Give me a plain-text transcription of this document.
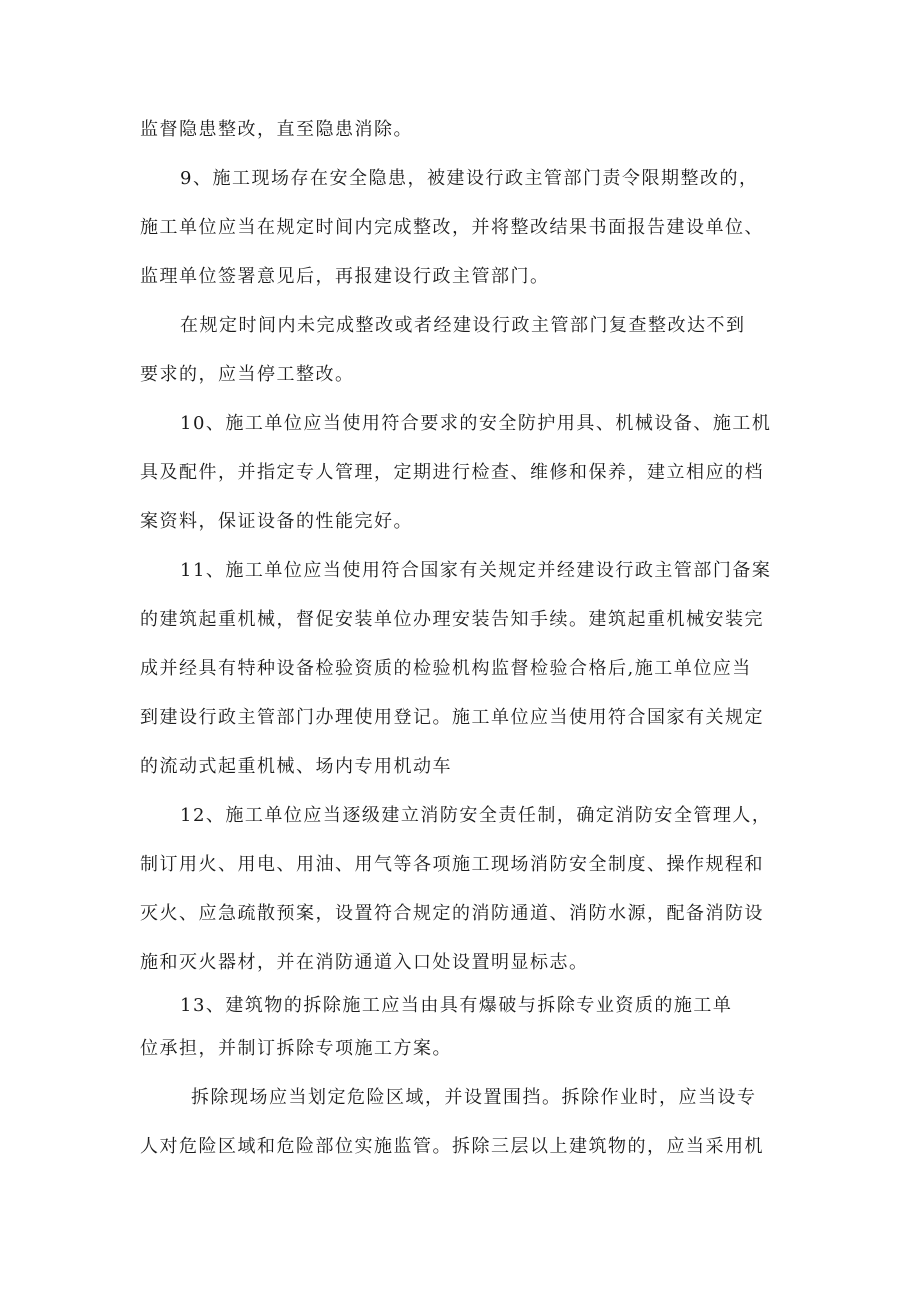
监督隐患整改，直至隐患消除。
9、施工现场存在安全隐患，被建设行政主管部门责令限期整改的，
施工单位应当在规定时间内完成整改，并将整改结果书面报告建设单位、
监理单位签署意见后，再报建设行政主管部门。
在规定时间内未完成整改或者经建设行政主管部门复查整改达不到
要求的，应当停工整改。
10、施工单位应当使用符合要求的安全防护用具、机械设备、施工机
具及配件，并指定专人管理，定期进行检查、维修和保养，建立相应的档
案资料，保证设备的性能完好。
11、施工单位应当使用符合国家有关规定并经建设行政主管部门备案
的建筑起重机械，督促安装单位办理安装告知手续。建筑起重机械安装完
成并经具有特种设备检验资质的检验机构监督检验合格后,施工单位应当
到建设行政主管部门办理使用登记。施工单位应当使用符合国家有关规定
的流动式起重机械、场内专用机动车
12、施工单位应当逐级建立消防安全责任制，确定消防安全管理人，
制订用火、用电、用油、用气等各项施工现场消防安全制度、操作规程和
灭火、应急疏散预案，设置符合规定的消防通道、消防水源，配备消防设
施和灭火器材，并在消防通道入口处设置明显标志。
13、建筑物的拆除施工应当由具有爆破与拆除专业资质的施工单
位承担，并制订拆除专项施工方案。
拆除现场应当划定危险区域，并设置围挡。拆除作业时，应当设专
人对危险区域和危险部位实施监管。拆除三层以上建筑物的，应当采用机
